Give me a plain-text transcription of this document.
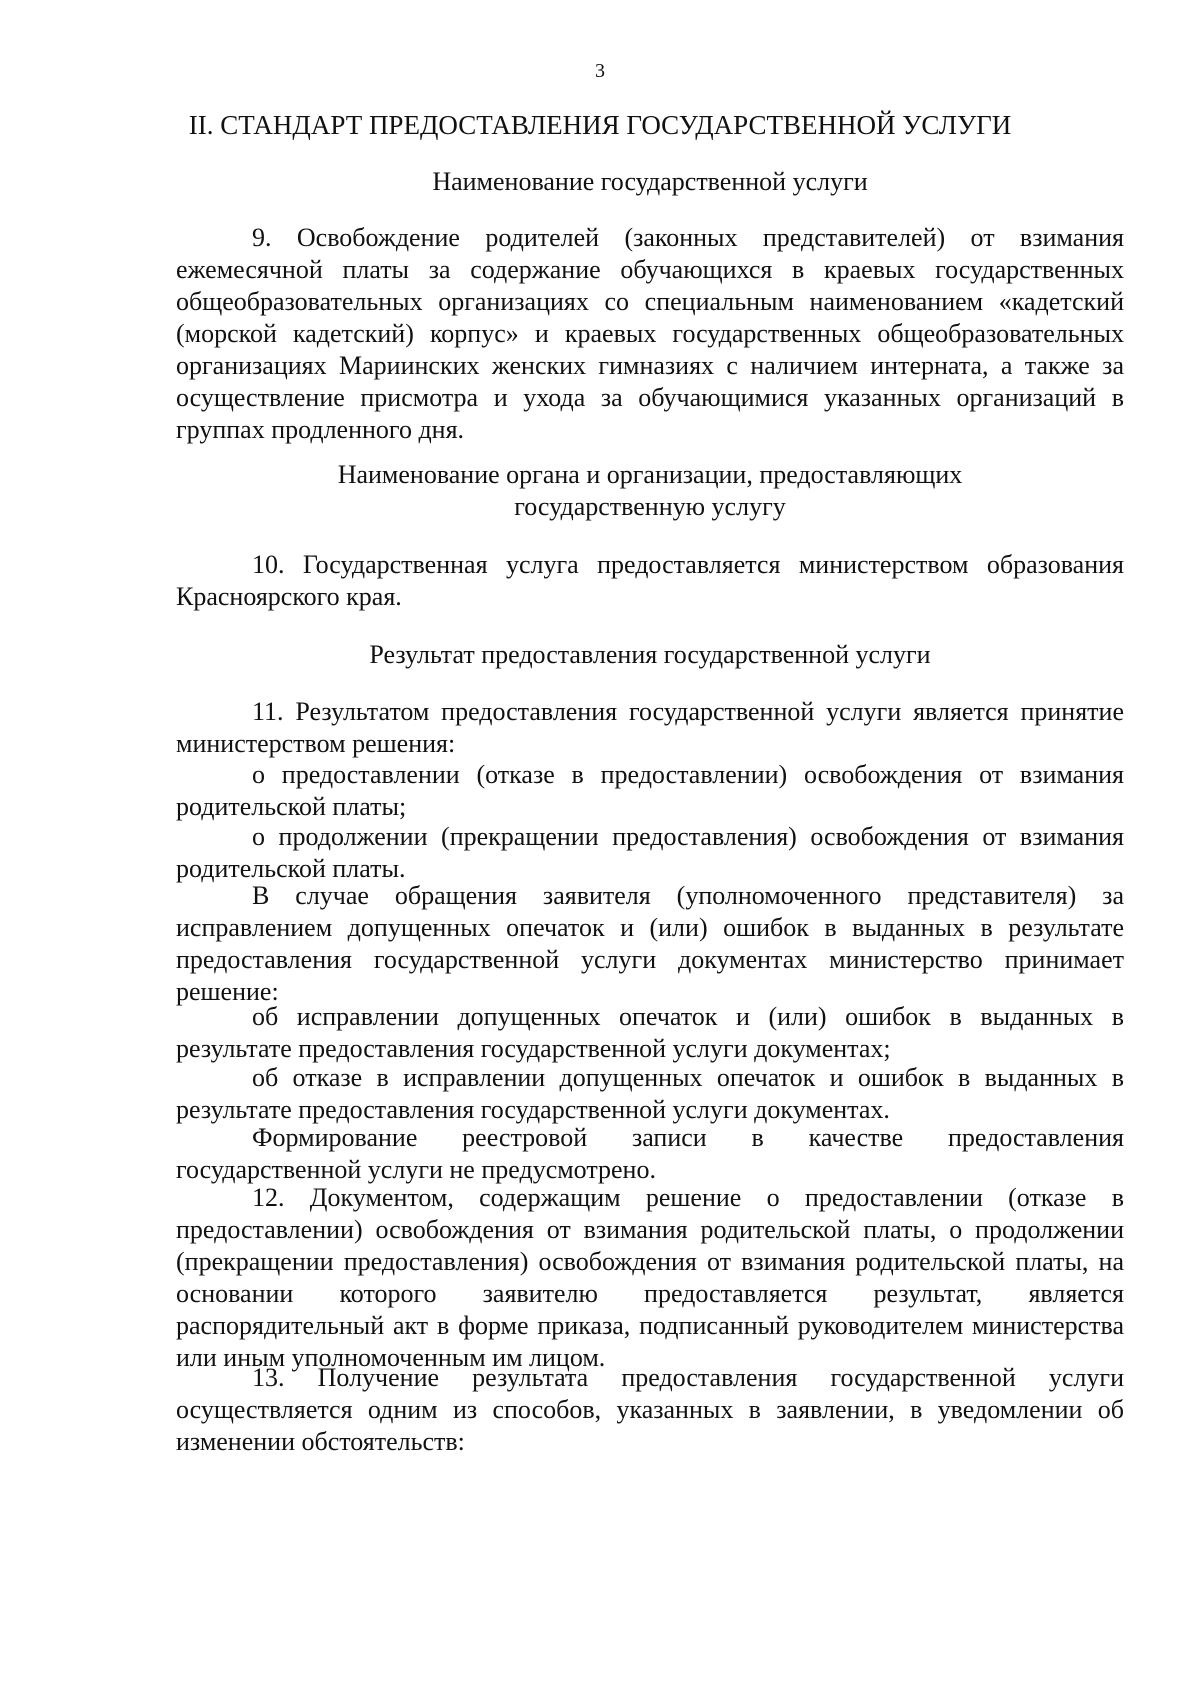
3
II. СТАНДАРТ ПРЕДОСТАВЛЕНИЯ ГОСУДАРСТВЕННОЙ УСЛУГИ
Наименование государственной услуги

9. Освобождение родителей (законных представителей) от взимания ежемесячной платы за содержание обучающихся в краевых государственных общеобразовательных организациях со специальным наименованием «кадетский (морской кадетский) корпус» и краевых государственных общеобразовательных организациях Мариинских женских гимназиях с наличием интерната, а также за осуществление присмотра и ухода за обучающимися указанных организаций в группах продленного дня.

Наименование органа и организации, предоставляющих
государственную услугу

10. Государственная услуга предоставляется министерством образования Красноярского края.

Результат предоставления государственной услуги

11. Результатом предоставления государственной услуги является принятие министерством решения:

о предоставлении (отказе в предоставлении) освобождения от взимания родительской платы;

о продолжении (прекращении предоставления) освобождения от взимания родительской платы.

В случае обращения заявителя (уполномоченного представителя) за исправлением допущенных опечаток и (или) ошибок в выданных в результате предоставления государственной услуги документах министерство принимает решение:

об исправлении допущенных опечаток и (или) ошибок в выданных в результате предоставления государственной услуги документах;

об отказе в исправлении допущенных опечаток и ошибок в выданных в результате предоставления государственной услуги документах.

Формирование реестровой записи в качестве предоставления государственной услуги не предусмотрено.

12. Документом, содержащим решение о предоставлении (отказе в предоставлении) освобождения от взимания родительской платы, о продолжении (прекращении предоставления) освобождения от взимания родительской платы, на основании которого заявителю предоставляется результат, является распорядительный акт в форме приказа, подписанный руководителем министерства или иным уполномоченным им лицом.

13. Получение результата предоставления государственной услуги осуществляется одним из способов, указанных в заявлении, в уведомлении об изменении обстоятельств:
